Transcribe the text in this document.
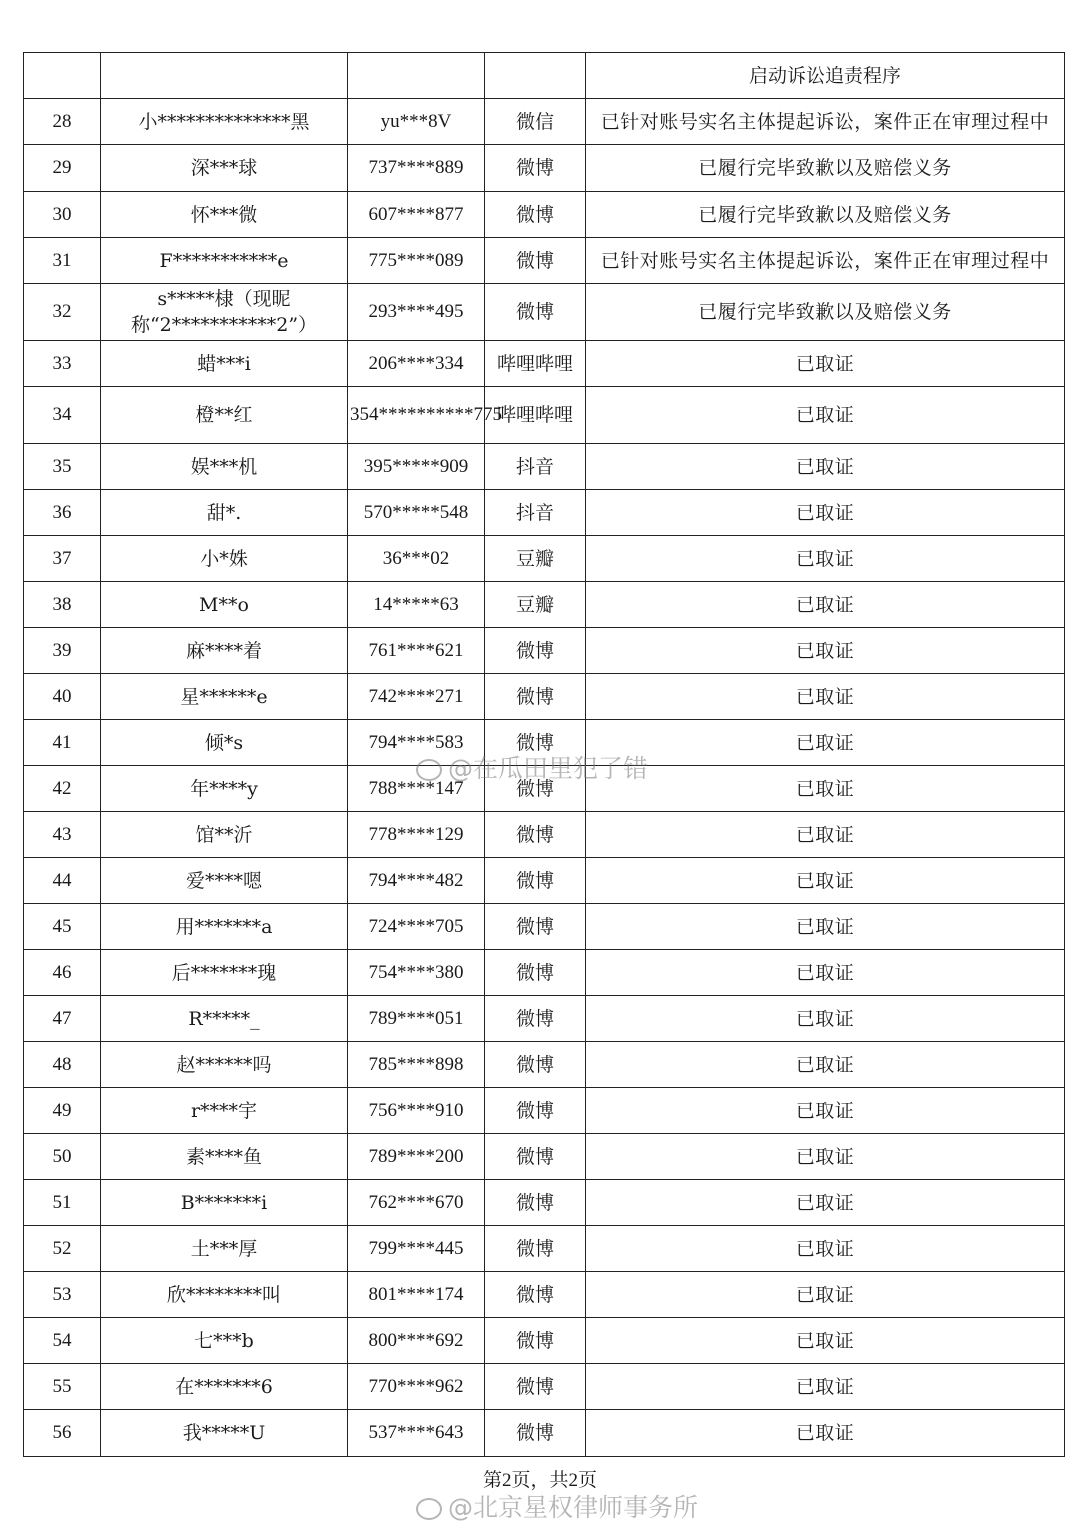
				启动诉讼追责程序
28	小**************黑	yu***8V	微信	已针对账号实名主体提起诉讼，案件正在审理过程中
29	深***球	737****889	微博	已履行完毕致歉以及赔偿义务
30	怀***微	607****877	微博	已履行完毕致歉以及赔偿义务
31	F***********e	775****089	微博	已针对账号实名主体提起诉讼，案件正在审理过程中
32	s*****棣（现昵称“2***********2”）	293****495	微博	已履行完毕致歉以及赔偿义务
33	蜡***i	206****334	哔哩哔哩	已取证
34	橙**红	354**********775	哔哩哔哩	已取证
35	娱***机	395*****909	抖音	已取证
36	甜*.	570*****548	抖音	已取证
37	小*姝	36***02	豆瓣	已取证
38	M**o	14*****63	豆瓣	已取证
39	麻****着	761****621	微博	已取证
40	星******e	742****271	微博	已取证
41	倾*s	794****583	微博	已取证
42	年****y	788****147	微博	已取证
43	馆**沂	778****129	微博	已取证
44	爱****嗯	794****482	微博	已取证
45	用*******a	724****705	微博	已取证
46	后*******瑰	754****380	微博	已取证
47	R*****_	789****051	微博	已取证
48	赵******吗	785****898	微博	已取证
49	r****宇	756****910	微博	已取证
50	素****鱼	789****200	微博	已取证
51	B*******i	762****670	微博	已取证
52	土***厚	799****445	微博	已取证
53	欣********叫	801****174	微博	已取证
54	七***b	800****692	微博	已取证
55	在*******6	770****962	微博	已取证
56	我*****U	537****643	微博	已取证
第2页，共2页
@在瓜田里犯了错
@北京星权律师事务所
